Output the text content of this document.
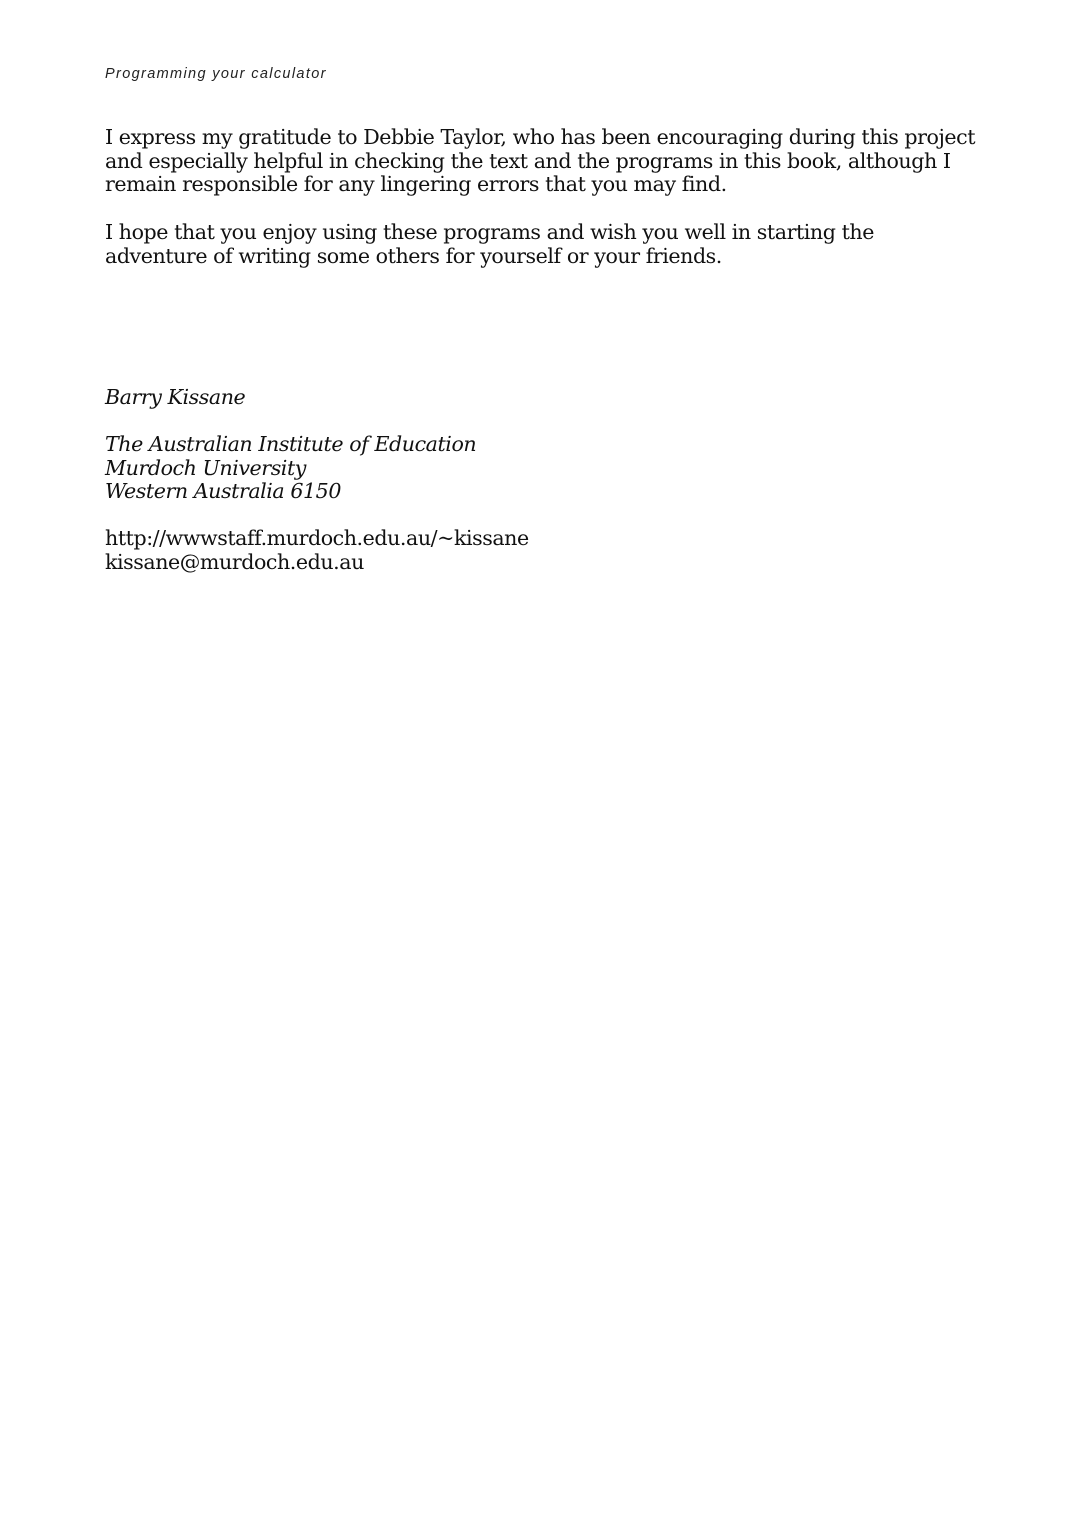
Programming your calculator
I express my gratitude to Debbie Taylor, who has been encouraging during this project
and especially helpful in checking the text and the programs in this book, although I
remain responsible for any lingering errors that you may find.
I hope that you enjoy using these programs and wish you well in starting the
adventure of writing some others for yourself or your friends.
Barry Kissane
The Australian Institute of Education
Murdoch University
Western Australia 6150
http://wwwstaff.murdoch.edu.au/~kissane
kissane@murdoch.edu.au
